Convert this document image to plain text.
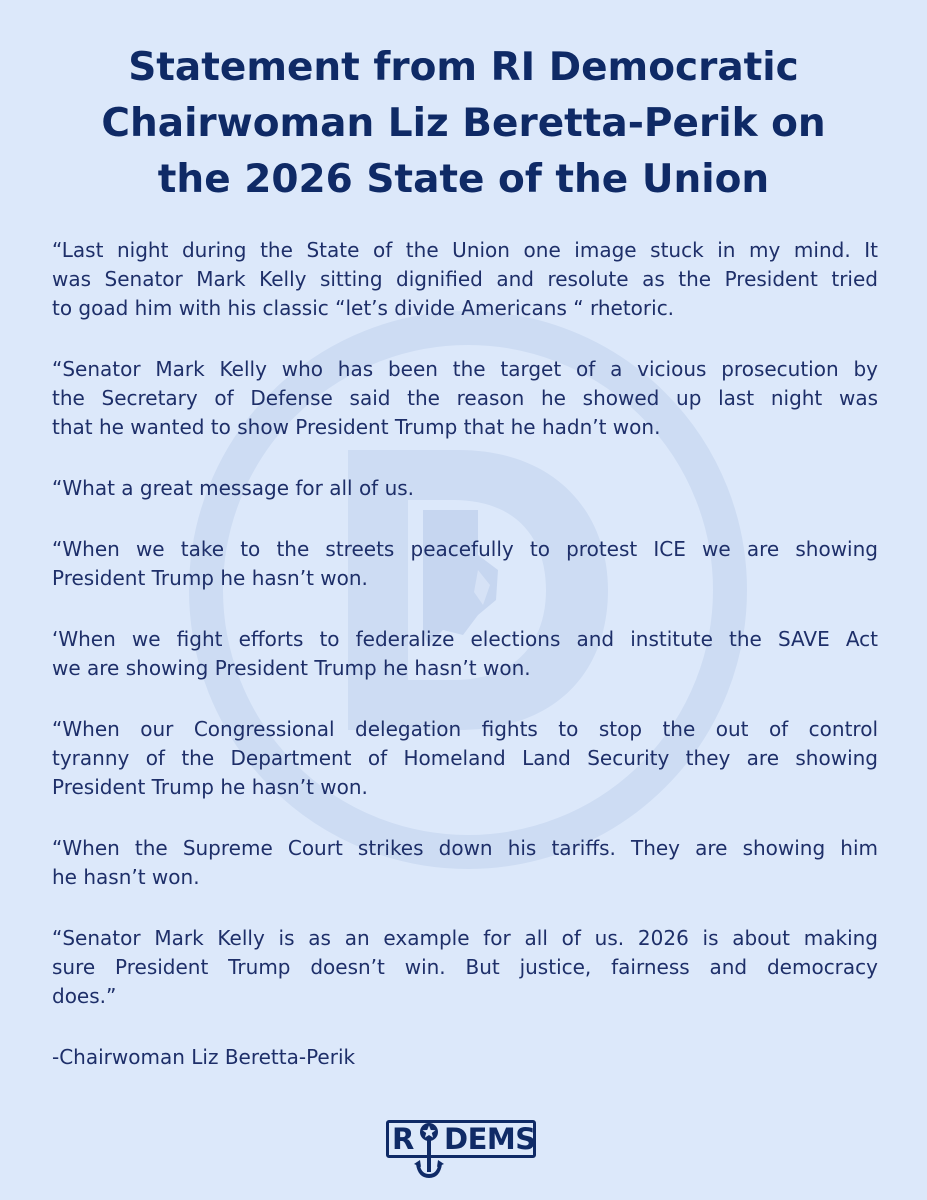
Statement from RI Democratic
Chairwoman Liz Beretta-Perik on
the 2026 State of the Union

“Last night during the State of the Union one image stuck in my mind. It
was Senator Mark Kelly sitting dignified and resolute as the President tried
to goad him with his classic “let’s divide Americans “ rhetoric.

“Senator Mark Kelly who has been the target of a vicious prosecution by
the Secretary of Defense said the reason he showed up last night was
that he wanted to show President Trump that he hadn’t won.

“What a great message for all of us.

“When we take to the streets peacefully to protest ICE we are showing
President Trump he hasn’t won.

‘When we fight efforts to federalize elections and institute the SAVE Act
we are showing President Trump he hasn’t won.

“When our Congressional delegation fights to stop the out of control
tyranny of the Department of Homeland Land Security they are showing
President Trump he hasn’t won.

“When the Supreme Court strikes down his tariffs. They are showing him
he hasn’t won.

“Senator Mark Kelly is as an example for all of us. 2026 is about making
sure President Trump doesn’t win. But justice, fairness and democracy
does.”

-Chairwoman Liz Beretta-Perik

R DEMS
